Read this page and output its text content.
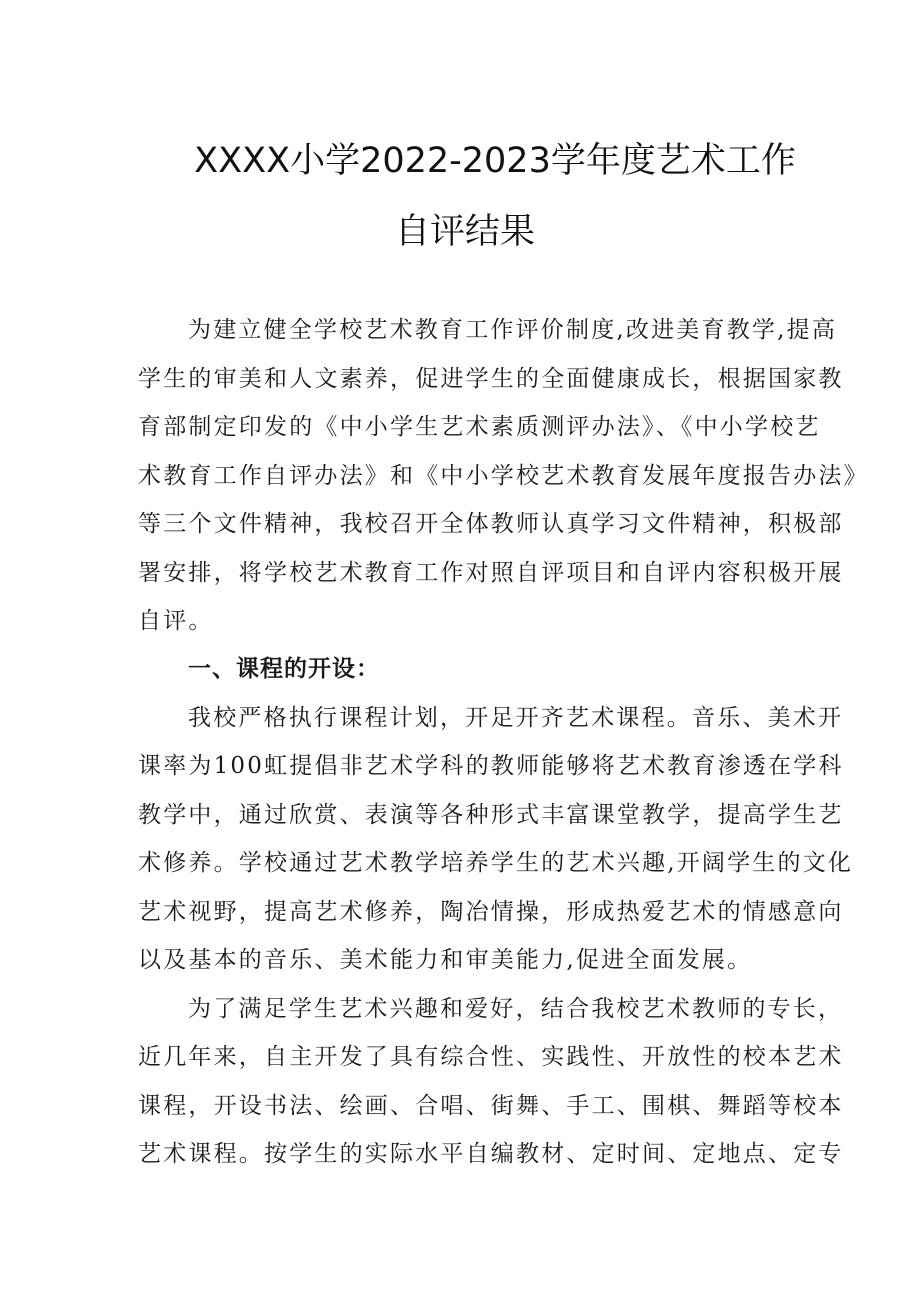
XXXX小学2022-2023学年度艺术工作
自评结果
为建立健全学校艺术教育工作评价制度,改进美育教学,提高
学生的审美和人文素养，促进学生的全面健康成长，根据国家教
育部制定印发的《中小学生艺术素质测评办法》、《中小学校艺
术教育工作自评办法》和《中小学校艺术教育发展年度报告办法》
等三个文件精神，我校召开全体教师认真学习文件精神，积极部
署安排，将学校艺术教育工作对照自评项目和自评内容积极开展
自评。
一、课程的开设：
我校严格执行课程计划，开足开齐艺术课程。音乐、美术开
课率为100虹提倡非艺术学科的教师能够将艺术教育渗透在学科
教学中，通过欣赏、表演等各种形式丰富课堂教学，提高学生艺
术修养。学校通过艺术教学培养学生的艺术兴趣,开阔学生的文化
艺术视野，提高艺术修养，陶冶情操，形成热爱艺术的情感意向
以及基本的音乐、美术能力和审美能力,促进全面发展。
为了满足学生艺术兴趣和爱好，结合我校艺术教师的专长，
近几年来，自主开发了具有综合性、实践性、开放性的校本艺术
课程，开设书法、绘画、合唱、街舞、手工、围棋、舞蹈等校本
艺术课程。按学生的实际水平自编教材、定时间、定地点、定专
